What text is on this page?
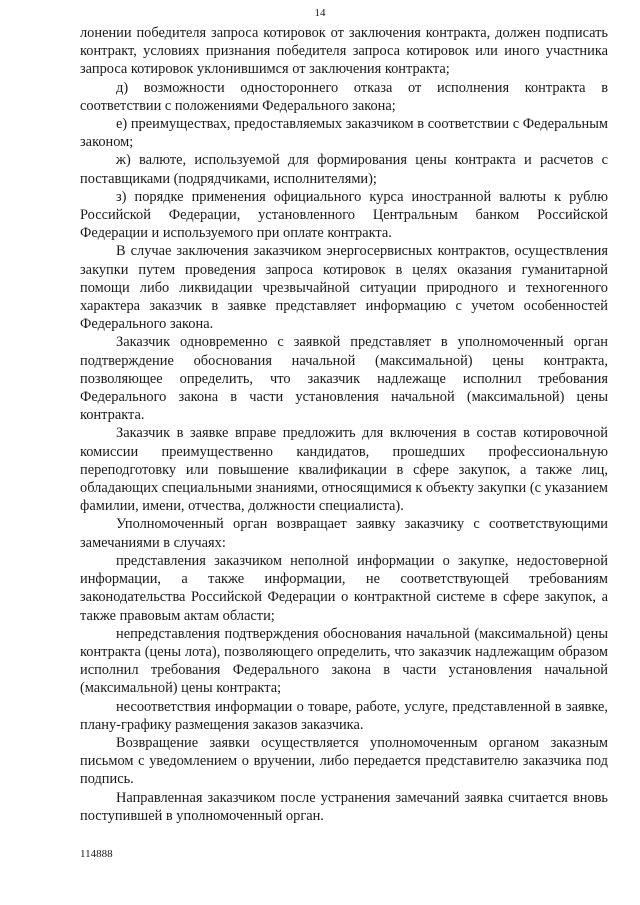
14

лонении победителя запроса котировок от заключения контракта, должен подписать контракт, условиях признания победителя запроса котировок или иного участника запроса котировок уклонившимся от заключения контракта;

д) возможности одностороннего отказа от исполнения контракта в соответствии с положениями Федерального закона;

е) преимуществах, предоставляемых заказчиком в соответствии с Федеральным законом;

ж) валюте, используемой для формирования цены контракта и расчетов с поставщиками (подрядчиками, исполнителями);

з) порядке применения официального курса иностранной валюты к рублю Российской Федерации, установленного Центральным банком Российской Федерации и используемого при оплате контракта.

В случае заключения заказчиком энергосервисных контрактов, осуществления закупки путем проведения запроса котировок в целях оказания гуманитарной помощи либо ликвидации чрезвычайной ситуации природного и техногенного характера заказчик в заявке представляет информацию с учетом особенностей Федерального закона.

Заказчик одновременно с заявкой представляет в уполномоченный орган подтверждение обоснования начальной (максимальной) цены контракта, позволяющее определить, что заказчик надлежаще исполнил требования Федерального закона в части установления начальной (максимальной) цены контракта.

Заказчик в заявке вправе предложить для включения в состав котировочной комиссии преимущественно кандидатов, прошедших профессиональную переподготовку или повышение квалификации в сфере закупок, а также лиц, обладающих специальными знаниями, относящимися к объекту закупки (с указанием фамилии, имени, отчества, должности специалиста).

Уполномоченный орган возвращает заявку заказчику с соответствующими замечаниями в случаях:

представления заказчиком неполной информации о закупке, недостоверной информации, а также информации, не соответствующей требованиям законодательства Российской Федерации о контрактной системе в сфере закупок, а также правовым актам области;

непредставления подтверждения обоснования начальной (максимальной) цены контракта (цены лота), позволяющего определить, что заказчик надлежащим образом исполнил требования Федерального закона в части установления начальной (максимальной) цены контракта;

несоответствия информации о товаре, работе, услуге, представленной в заявке, плану-графику размещения заказов заказчика.

Возвращение заявки осуществляется уполномоченным органом заказным письмом с уведомлением о вручении, либо передается представителю заказчика под подпись.

Направленная заказчиком после устранения замечаний заявка считается вновь поступившей в уполномоченный орган.

114888
